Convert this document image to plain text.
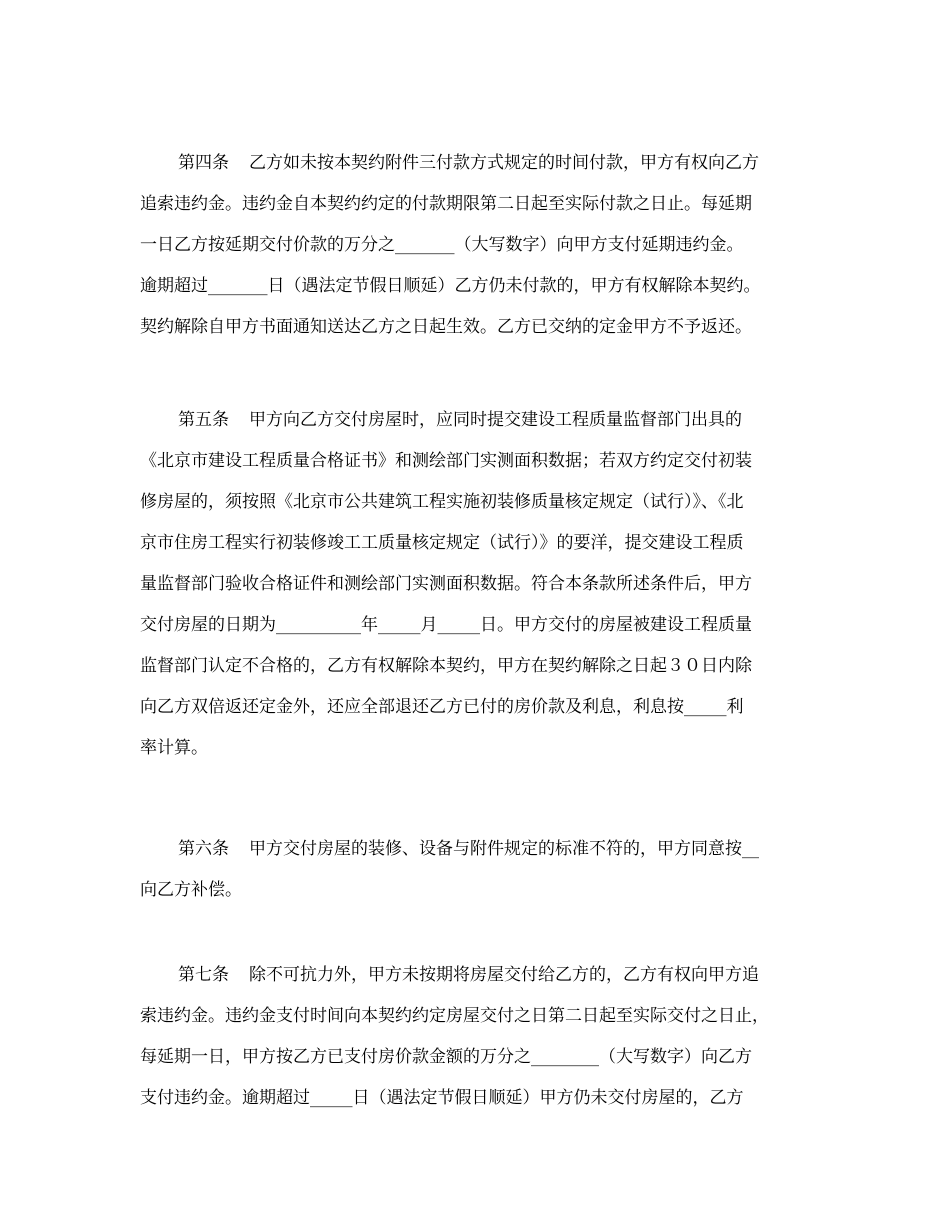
第四条 乙方如未按本契约附件三付款方式规定的时间付款，甲方有权向乙方
追索违约金。违约金自本契约约定的付款期限第二日起至实际付款之日止。每延期
一日乙方按延期交付价款的万分之_______（大写数字）向甲方支付延期违约金。
逾期超过_______日（遇法定节假日顺延）乙方仍未付款的，甲方有权解除本契约。
契约解除自甲方书面通知送达乙方之日起生效。乙方已交纳的定金甲方不予返还。
第五条 甲方向乙方交付房屋时，应同时提交建设工程质量监督部门出具的
《北京市建设工程质量合格证书》和测绘部门实测面积数据；若双方约定交付初装
修房屋的，须按照《北京市公共建筑工程实施初装修质量核定规定（试行）》、《北
京市住房工程实行初装修竣工工质量核定规定（试行）》的要洋，提交建设工程质
量监督部门验收合格证件和测绘部门实测面积数据。符合本条款所述条件后，甲方
交付房屋的日期为__________年_____月_____日。甲方交付的房屋被建设工程质量
监督部门认定不合格的，乙方有权解除本契约，甲方在契约解除之日起３０日内除
向乙方双倍返还定金外，还应全部退还乙方已付的房价款及利息，利息按_____利
率计算。
第六条 甲方交付房屋的装修、设备与附件规定的标准不符的，甲方同意按__
向乙方补偿。
第七条 除不可抗力外，甲方未按期将房屋交付给乙方的，乙方有权向甲方追
索违约金。违约金支付时间向本契约约定房屋交付之日第二日起至实际交付之日止，
每延期一日，甲方按乙方已支付房价款金额的万分之________（大写数字）向乙方
支付违约金。逾期超过_____日（遇法定节假日顺延）甲方仍未交付房屋的，乙方
